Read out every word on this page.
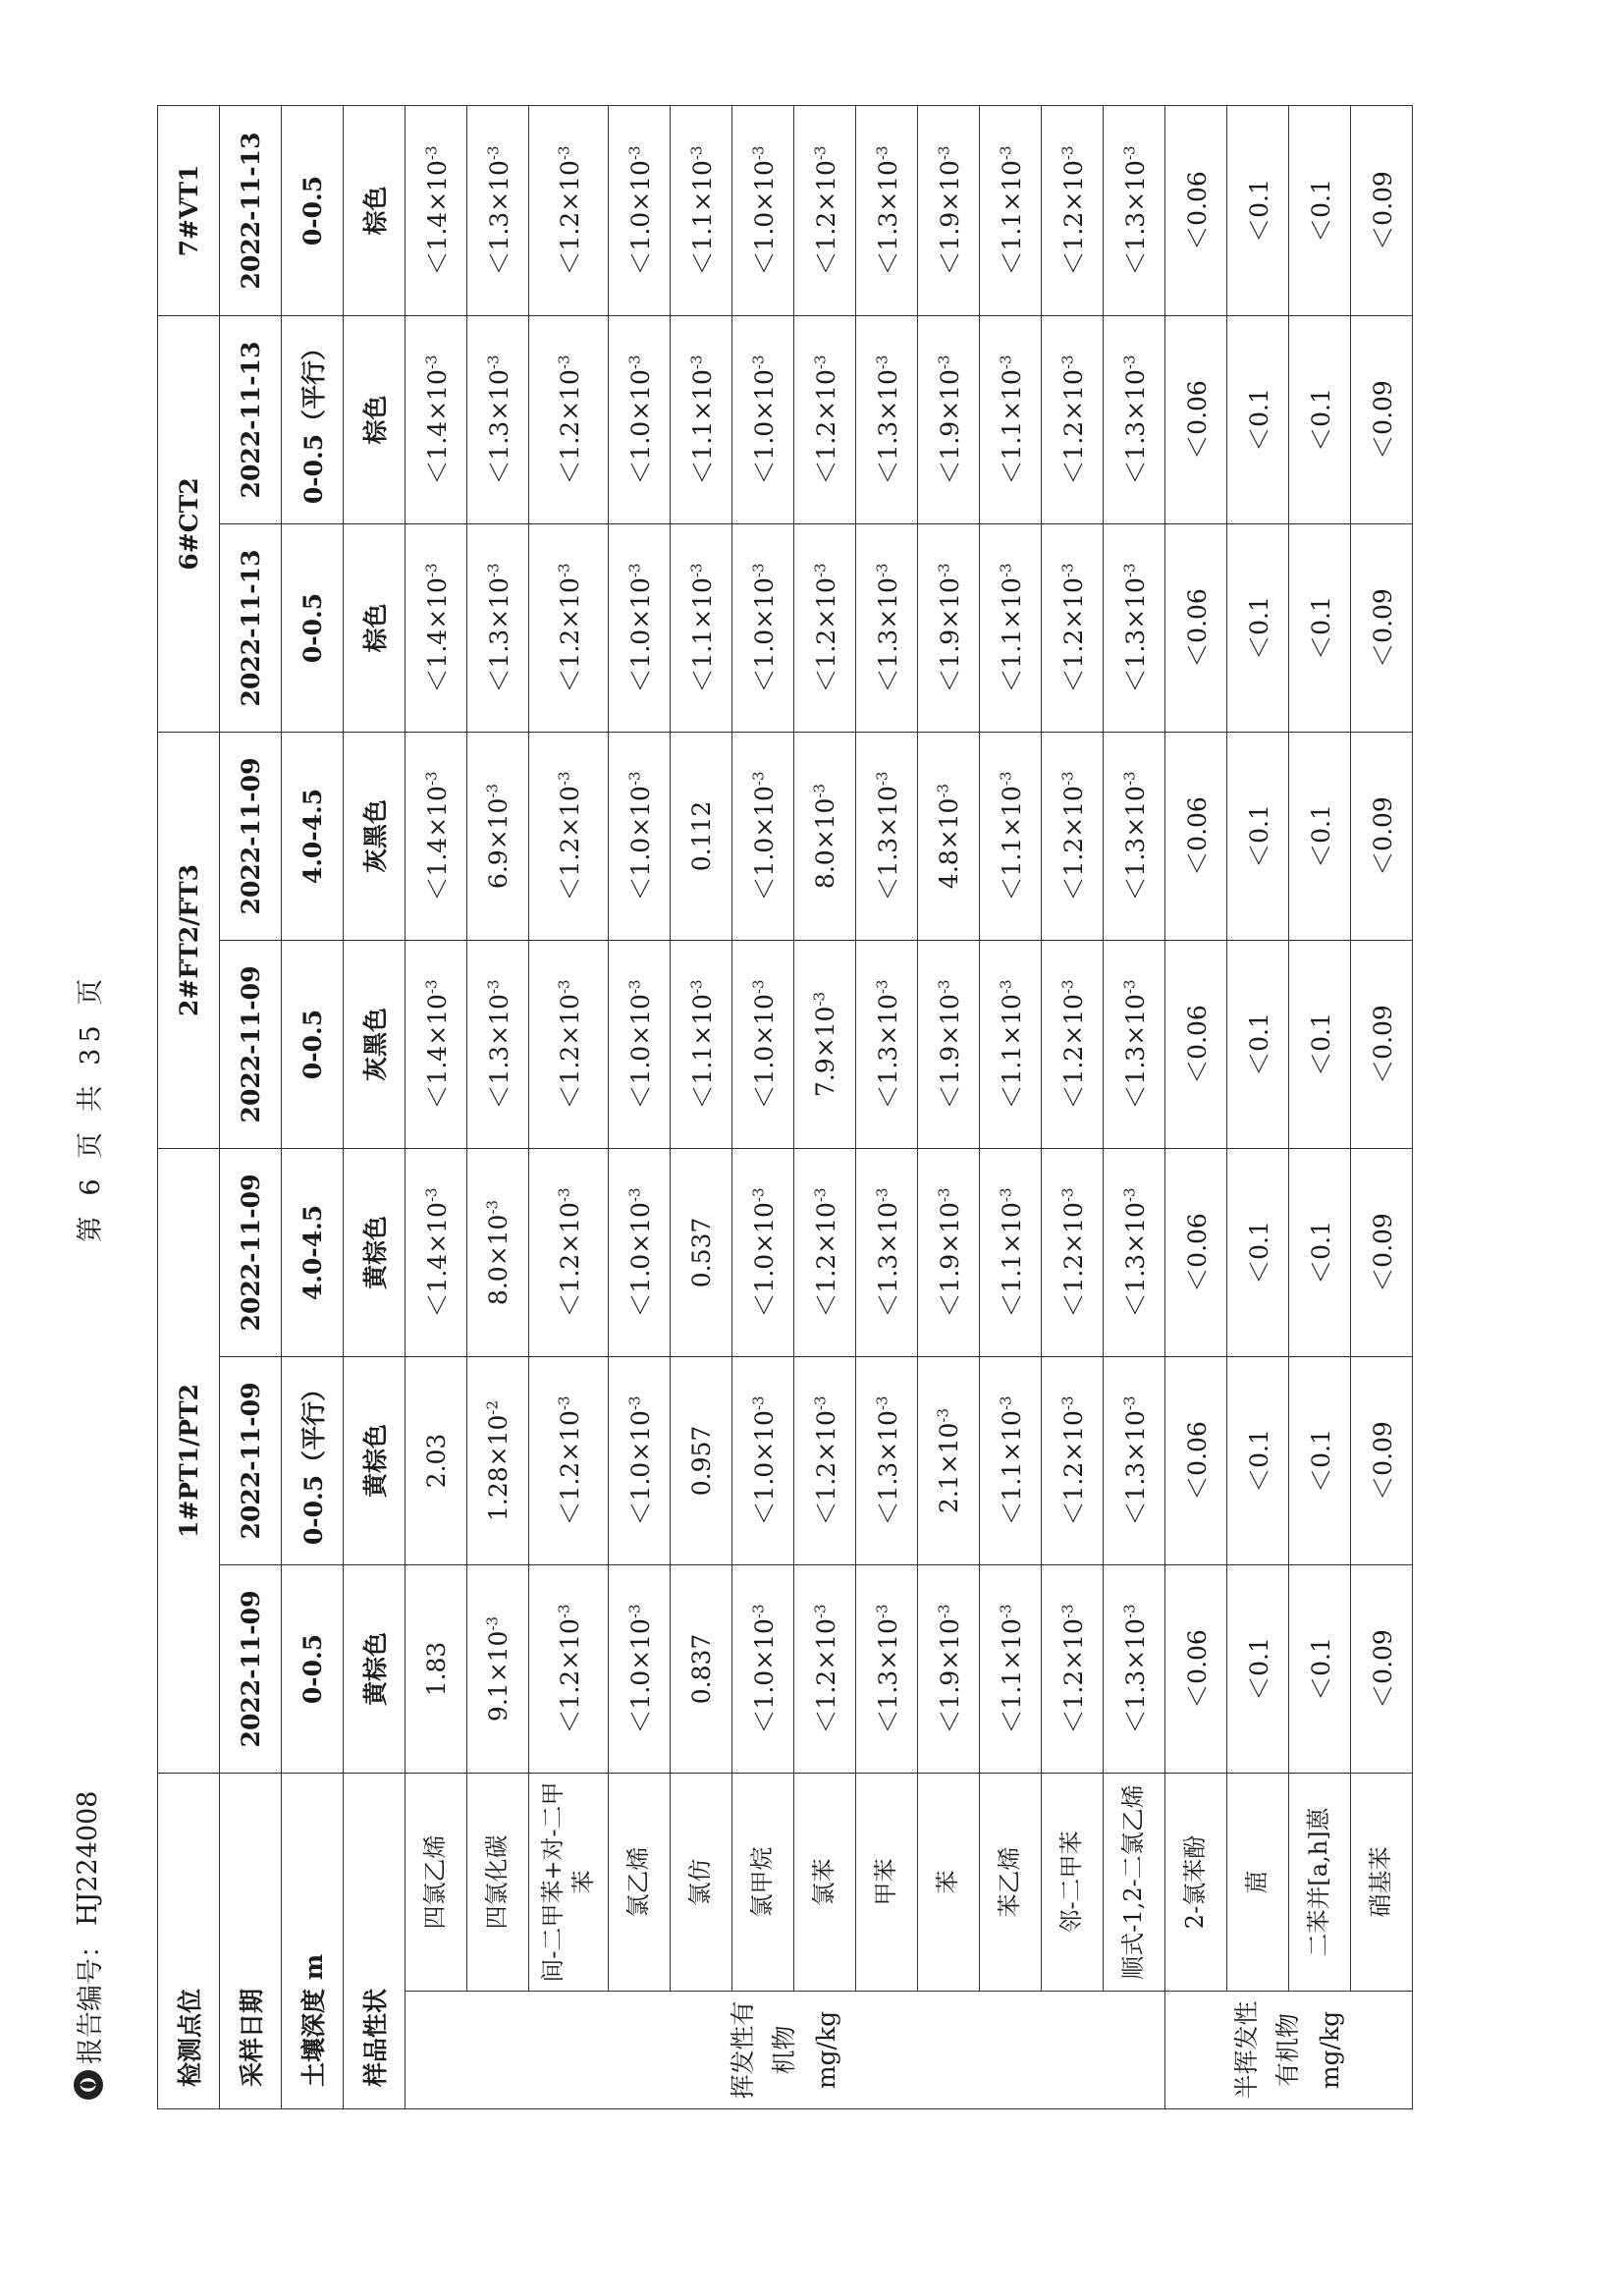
()
报告编号：
HJ224008
第 6 页 共 35 页
检测点位		1#PT1/PT2			2#FT2/FT3		6#CT2		7#VT1
采样日期		2022-11-09	2022-11-09	2022-11-09	2022-11-09	2022-11-09	2022-11-13	2022-11-13	2022-11-13
土壤深度 m		0-0.5	0-0.5（平行）	4.0-4.5	0-0.5	4.0-4.5	0-0.5	0-0.5（平行）	0-0.5
样品性状		黄棕色	黄棕色	黄棕色	灰黑色	灰黑色	棕色	棕色	棕色
挥发性有机物 mg/kg	四氯乙烯	1.83	2.03	$<1.4\times 10^{-3}$	$<1.4\times 10^{-3}$	$<1.4\times 10^{-3}$	$<1.4\times 10^{-3}$	$<1.4\times 10^{-3}$	$<1.4\times 10^{-3}$
	四氯化碳	$9.1\times 10^{-3}$	$1.28\times 10^{-2}$	$8.0\times 10^{-3}$	$<1.3\times 10^{-3}$	$6.9\times 10^{-3}$	$<1.3\times 10^{-3}$	$<1.3\times 10^{-3}$	$<1.3\times 10^{-3}$
	间-二甲苯+对-二甲苯	$<1.2\times 10^{-3}$	$<1.2\times 10^{-3}$	$<1.2\times 10^{-3}$	$<1.2\times 10^{-3}$	$<1.2\times 10^{-3}$	$<1.2\times 10^{-3}$	$<1.2\times 10^{-3}$	$<1.2\times 10^{-3}$
	氯乙烯	$<1.0\times 10^{-3}$	$<1.0\times 10^{-3}$	$<1.0\times 10^{-3}$	$<1.0\times 10^{-3}$	$<1.0\times 10^{-3}$	$<1.0\times 10^{-3}$	$<1.0\times 10^{-3}$	$<1.0\times 10^{-3}$
	氯仿	0.837	0.957	0.537	$<1.1\times 10^{-3}$	0.112	$<1.1\times 10^{-3}$	$<1.1\times 10^{-3}$	$<1.1\times 10^{-3}$
	氯甲烷	$<1.0\times 10^{-3}$	$<1.0\times 10^{-3}$	$<1.0\times 10^{-3}$	$<1.0\times 10^{-3}$	$<1.0\times 10^{-3}$	$<1.0\times 10^{-3}$	$<1.0\times 10^{-3}$	$<1.0\times 10^{-3}$
	氯苯	$<1.2\times 10^{-3}$	$<1.2\times 10^{-3}$	$<1.2\times 10^{-3}$	$7.9\times 10^{-3}$	$8.0\times 10^{-3}$	$<1.2\times 10^{-3}$	$<1.2\times 10^{-3}$	$<1.2\times 10^{-3}$
	甲苯	$<1.3\times 10^{-3}$	$<1.3\times 10^{-3}$	$<1.3\times 10^{-3}$	$<1.3\times 10^{-3}$	$<1.3\times 10^{-3}$	$<1.3\times 10^{-3}$	$<1.3\times 10^{-3}$	$<1.3\times 10^{-3}$
	苯	$<1.9\times 10^{-3}$	$2.1\times 10^{-3}$	$<1.9\times 10^{-3}$	$<1.9\times 10^{-3}$	$4.8\times 10^{-3}$	$<1.9\times 10^{-3}$	$<1.9\times 10^{-3}$	$<1.9\times 10^{-3}$
	苯乙烯	$<1.1\times 10^{-3}$	$<1.1\times 10^{-3}$	$<1.1\times 10^{-3}$	$<1.1\times 10^{-3}$	$<1.1\times 10^{-3}$	$<1.1\times 10^{-3}$	$<1.1\times 10^{-3}$	$<1.1\times 10^{-3}$
	邻-二甲苯	$<1.2\times 10^{-3}$	$<1.2\times 10^{-3}$	$<1.2\times 10^{-3}$	$<1.2\times 10^{-3}$	$<1.2\times 10^{-3}$	$<1.2\times 10^{-3}$	$<1.2\times 10^{-3}$	$<1.2\times 10^{-3}$
	顺式-1,2-二氯乙烯	$<1.3\times 10^{-3}$	$<1.3\times 10^{-3}$	$<1.3\times 10^{-3}$	$<1.3\times 10^{-3}$	$<1.3\times 10^{-3}$	$<1.3\times 10^{-3}$	$<1.3\times 10^{-3}$	$<1.3\times 10^{-3}$
半挥发性有机物 mg/kg	2-氯苯酚	＜0.06	＜0.06	＜0.06	＜0.06	＜0.06	＜0.06	＜0.06	＜0.06
	䓛	＜0.1	＜0.1	＜0.1	＜0.1	＜0.1	＜0.1	＜0.1	＜0.1
	二苯并[a,h]蒽	＜0.1	＜0.1	＜0.1	＜0.1	＜0.1	＜0.1	＜0.1	＜0.1
	硝基苯	＜0.09	＜0.09	＜0.09	＜0.09	＜0.09	＜0.09	＜0.09	＜0.09
